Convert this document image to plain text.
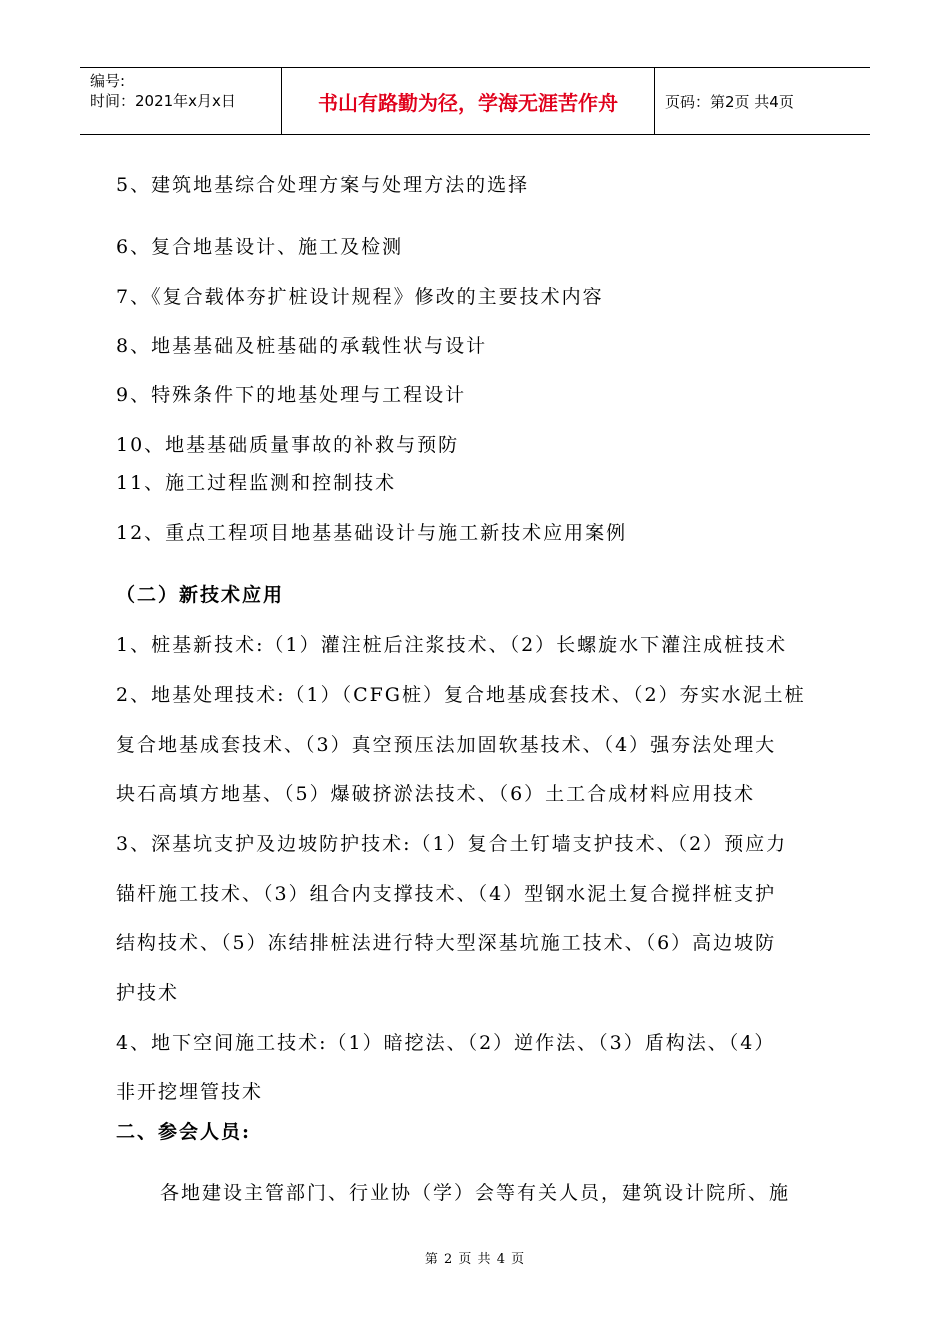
编号:
时间：2021年x月x日	书山有路勤为径，学海无涯苦作舟	页码：第2页 共4页
5、建筑地基综合处理方案与处理方法的选择
6、复合地基设计、施工及检测
7、《复合载体夯扩桩设计规程》修改的主要技术内容
8、地基基础及桩基础的承载性状与设计
9、特殊条件下的地基处理与工程设计
10、地基基础质量事故的补救与预防
11、施工过程监测和控制技术
12、重点工程项目地基基础设计与施工新技术应用案例
（二）新技术应用
1、桩基新技术:（1）灌注桩后注浆技术、（2）长螺旋水下灌注成桩技术
2、地基处理技术:（1）（CFG桩）复合地基成套技术、（2）夯实水泥土桩
复合地基成套技术、（3）真空预压法加固软基技术、（4）强夯法处理大
块石高填方地基、（5）爆破挤淤法技术、（6）土工合成材料应用技术
3、深基坑支护及边坡防护技术:（1）复合土钉墙支护技术、（2）预应力
锚杆施工技术、（3）组合内支撑技术、（4）型钢水泥土复合搅拌桩支护
结构技术、（5）冻结排桩法进行特大型深基坑施工技术、（6）高边坡防
护技术
4、地下空间施工技术:（1）暗挖法、（2）逆作法、（3）盾构法、（4）
非开挖埋管技术
二、参会人员:
各地建设主管部门、行业协（学）会等有关人员，建筑设计院所、施
第 2 页 共 4 页
